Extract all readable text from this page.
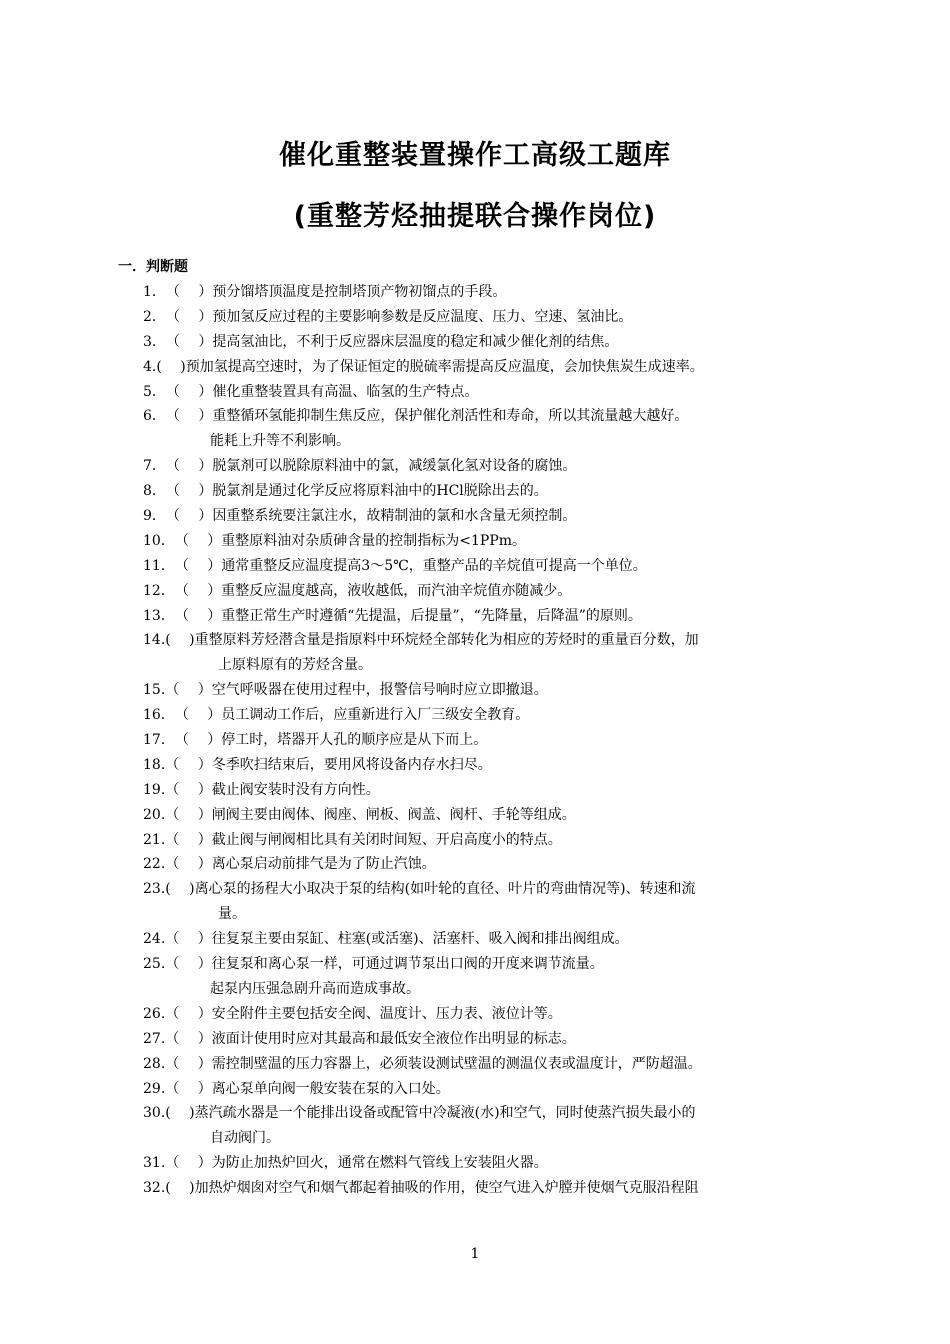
催化重整装置操作工高级工题库
(重整芳烃抽提联合操作岗位)
一．判断题
1．（　 ）预分馏塔顶温度是控制塔顶产物初馏点的手段。
2．（　 ）预加氢反应过程的主要影响参数是反应温度、压力、空速、氢油比。
3．（　 ）提高氢油比，不利于反应器床层温度的稳定和减少催化剂的结焦。
4.(　 )预加氢提高空速时，为了保证恒定的脱硫率需提高反应温度，会加快焦炭生成速率。
5．（　 ）催化重整装置具有高温、临氢的生产特点。
6．（　 ）重整循环氢能抑制生焦反应，保护催化剂活性和寿命，所以其流量越大越好。
能耗上升等不利影响。
7．（　 ）脱氯剂可以脱除原料油中的氯，减缓氯化氢对设备的腐蚀。
8．（　 ）脱氯剂是通过化学反应将原料油中的HCl脱除出去的。
9．（　 ）因重整系统要注氯注水，故精制油的氯和水含量无须控制。
10．（　 ）重整原料油对杂质砷含量的控制指标为<1PPm。
11．（　 ）通常重整反应温度提高3～5℃，重整产品的辛烷值可提高一个单位。
12．（　 ）重整反应温度越高，液收越低，而汽油辛烷值亦随减少。
13．（　 ）重整正常生产时遵循“先提温，后提量”，“先降量，后降温”的原则。
14.(　 )重整原料芳烃潜含量是指原料中环烷烃全部转化为相应的芳烃时的重量百分数，加
上原料原有的芳烃含量。
15.（　 ）空气呼吸器在使用过程中，报警信号响时应立即撤退。
16．（　 ）员工调动工作后，应重新进行入厂三级安全教育。
17．（　 ）停工时，塔器开人孔的顺序应是从下而上。
18.（　 ）冬季吹扫结束后，要用风将设备内存水扫尽。
19.（　 ）截止阀安装时没有方向性。
20.（　 ）闸阀主要由阀体、阀座、闸板、阀盖、阀杆、手轮等组成。
21.（　 ）截止阀与闸阀相比具有关闭时间短、开启高度小的特点。
22.（　 ）离心泵启动前排气是为了防止汽蚀。
23.(　 )离心泵的扬程大小取决于泵的结构(如叶轮的直径、叶片的弯曲情况等)、转速和流
量。
24.（　 ）往复泵主要由泵缸、柱塞(或活塞)、活塞杆、吸入阀和排出阀组成。
25.（　 ）往复泵和离心泵一样，可通过调节泵出口阀的开度来调节流量。
起泵内压强急剧升高而造成事故。
26.（　 ）安全附件主要包括安全阀、温度计、压力表、液位计等。
27.（　 ）液面计使用时应对其最高和最低安全液位作出明显的标志。
28.（　 ）需控制壁温的压力容器上，必须装设测试壁温的测温仪表或温度计，严防超温。
29.（　 ）离心泵单向阀一般安装在泵的入口处。
30.(　 )蒸汽疏水器是一个能排出设备或配管中冷凝液(水)和空气，同时使蒸汽损失最小的
自动阀门。
31.（　 ）为防止加热炉回火，通常在燃料气管线上安装阻火器。
32.(　 )加热炉烟囱对空气和烟气都起着抽吸的作用，使空气进入炉膛并使烟气克服沿程阻
1
